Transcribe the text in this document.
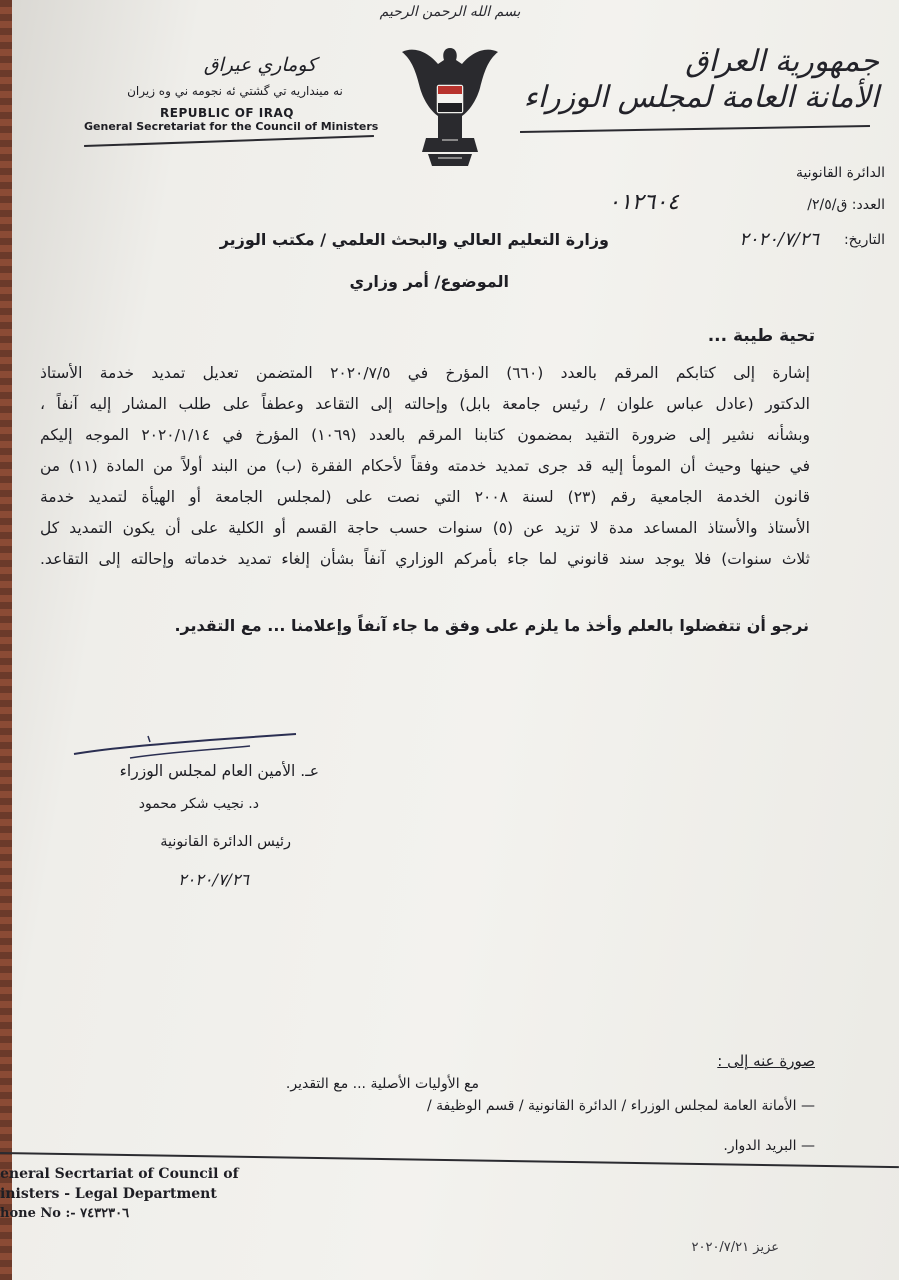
بسم الله الرحمن الرحيم
جمهورية العراق
الأمانة العامة لمجلس الوزراء
كوماري عيراق
نه مينداريه تي گشتي ئه نجومه ني وه زيران
REPUBLIC OF IRAQ
General Secretariat for the Council of Ministers
الدائرة القانونية
العدد: ق/٢/٥/
٠١٢٦٠٤
التاريخ:
٢٠٢٠/٧/٢٦
وزارة التعليم العالي والبحث العلمي / مكتب الوزير
الموضوع/ أمر وزاري
تحية طيبة ...
إشارة إلى كتابكم المرقم بالعدد (٦٦٠) المؤرخ في ٢٠٢٠/٧/٥ المتضمن تعديل تمديد خدمة الأستاذ
الدكتور (عادل عباس علوان / رئيس جامعة بابل) وإحالته إلى التقاعد وعطفاً على طلب المشار إليه آنفاً ،
وبشأنه نشير إلى ضرورة التقيد بمضمون كتابنا المرقم بالعدد (١٠٦٩) المؤرخ في ٢٠٢٠/١/١٤ الموجه إليكم
في حينها وحيث أن المومأ إليه قد جرى تمديد خدمته وفقاً لأحكام الفقرة (ب) من البند أولاً من المادة (١١) من
قانون الخدمة الجامعية رقم (٢٣) لسنة ٢٠٠٨ التي نصت على (لمجلس الجامعة أو الهيأة لتمديد خدمة
الأستاذ والأستاذ المساعد مدة لا تزيد عن (٥) سنوات حسب حاجة القسم أو الكلية على أن يكون التمديد كل
ثلاث سنوات) فلا يوجد سند قانوني لما جاء بأمركم الوزاري آنفاً بشأن إلغاء تمديد خدماته وإحالته إلى التقاعد.
نرجو أن تتفضلوا بالعلم وأخذ ما يلزم على وفق ما جاء آنفاً وإعلامنا ... مع التقدير.
عـ. الأمين العام لمجلس الوزراء
د. نجيب شكر محمود
رئيس الدائرة القانونية
٢٠٢٠/٧/٢٦
صورة عنه إلى :
مع الأوليات الأصلية ... مع التقدير.
— الأمانة العامة لمجلس الوزراء / الدائرة القانونية / قسم الوظيفة /
— البريد الدوار.
eneral Secrtariat of Council of
inisters - Legal Department
hone No :- ٧٤٣٢٣٠٦
عزيز ٢٠٢٠/٧/٢١
